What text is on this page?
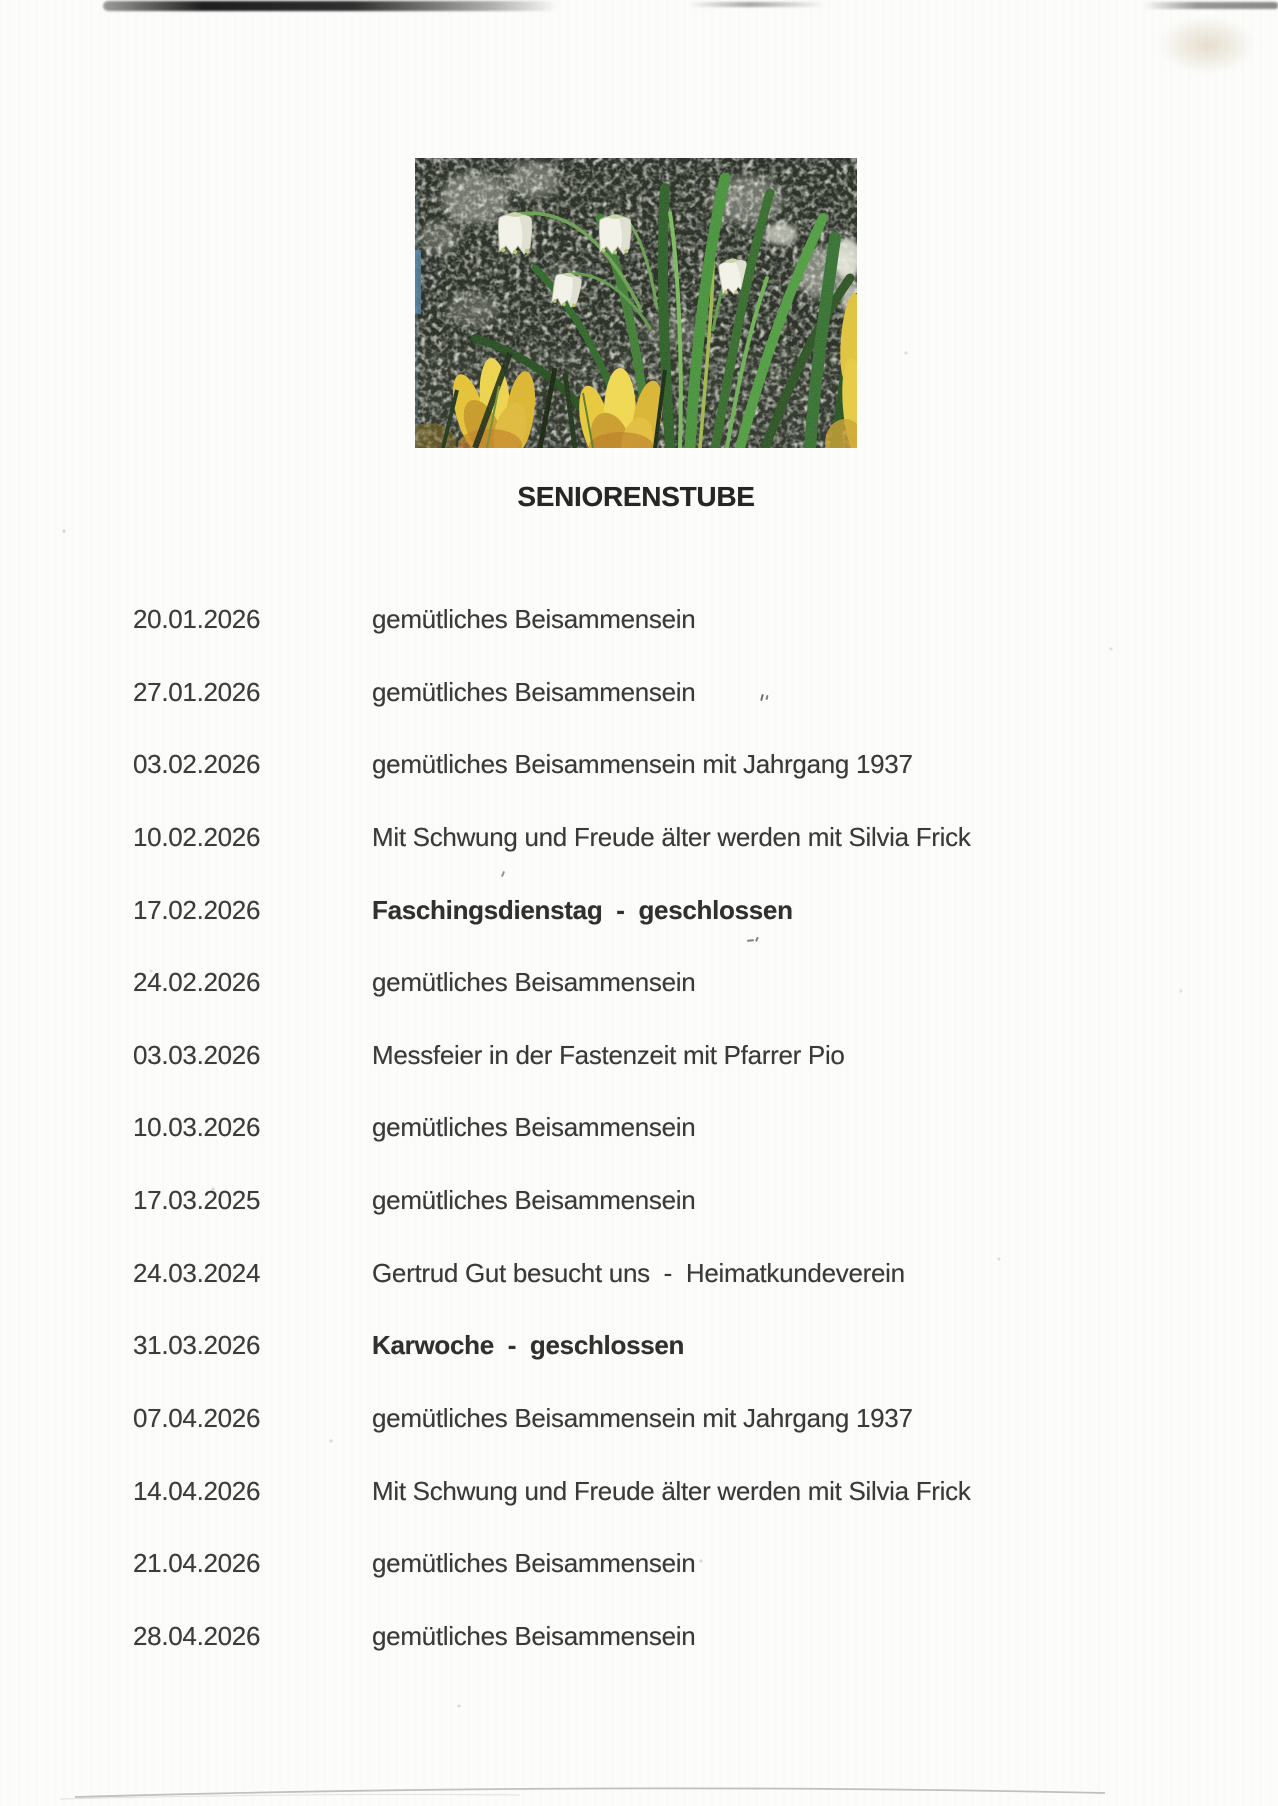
SENIORENSTUBE
20.01.2026	gemütliches Beisammensein
27.01.2026	gemütliches Beisammensein
03.02.2026	gemütliches Beisammensein mit Jahrgang 1937
10.02.2026	Mit Schwung und Freude älter werden mit Silvia Frick
17.02.2026	Faschingsdienstag  -  geschlossen
24.02.2026	gemütliches Beisammensein
03.03.2026	Messfeier in der Fastenzeit mit Pfarrer Pio
10.03.2026	gemütliches Beisammensein
17.03.2025	gemütliches Beisammensein
24.03.2024	Gertrud Gut besucht uns  -  Heimatkundeverein
31.03.2026	Karwoche  -  geschlossen
07.04.2026	gemütliches Beisammensein mit Jahrgang 1937
14.04.2026	Mit Schwung und Freude älter werden mit Silvia Frick
21.04.2026	gemütliches Beisammensein
28.04.2026	gemütliches Beisammensein
